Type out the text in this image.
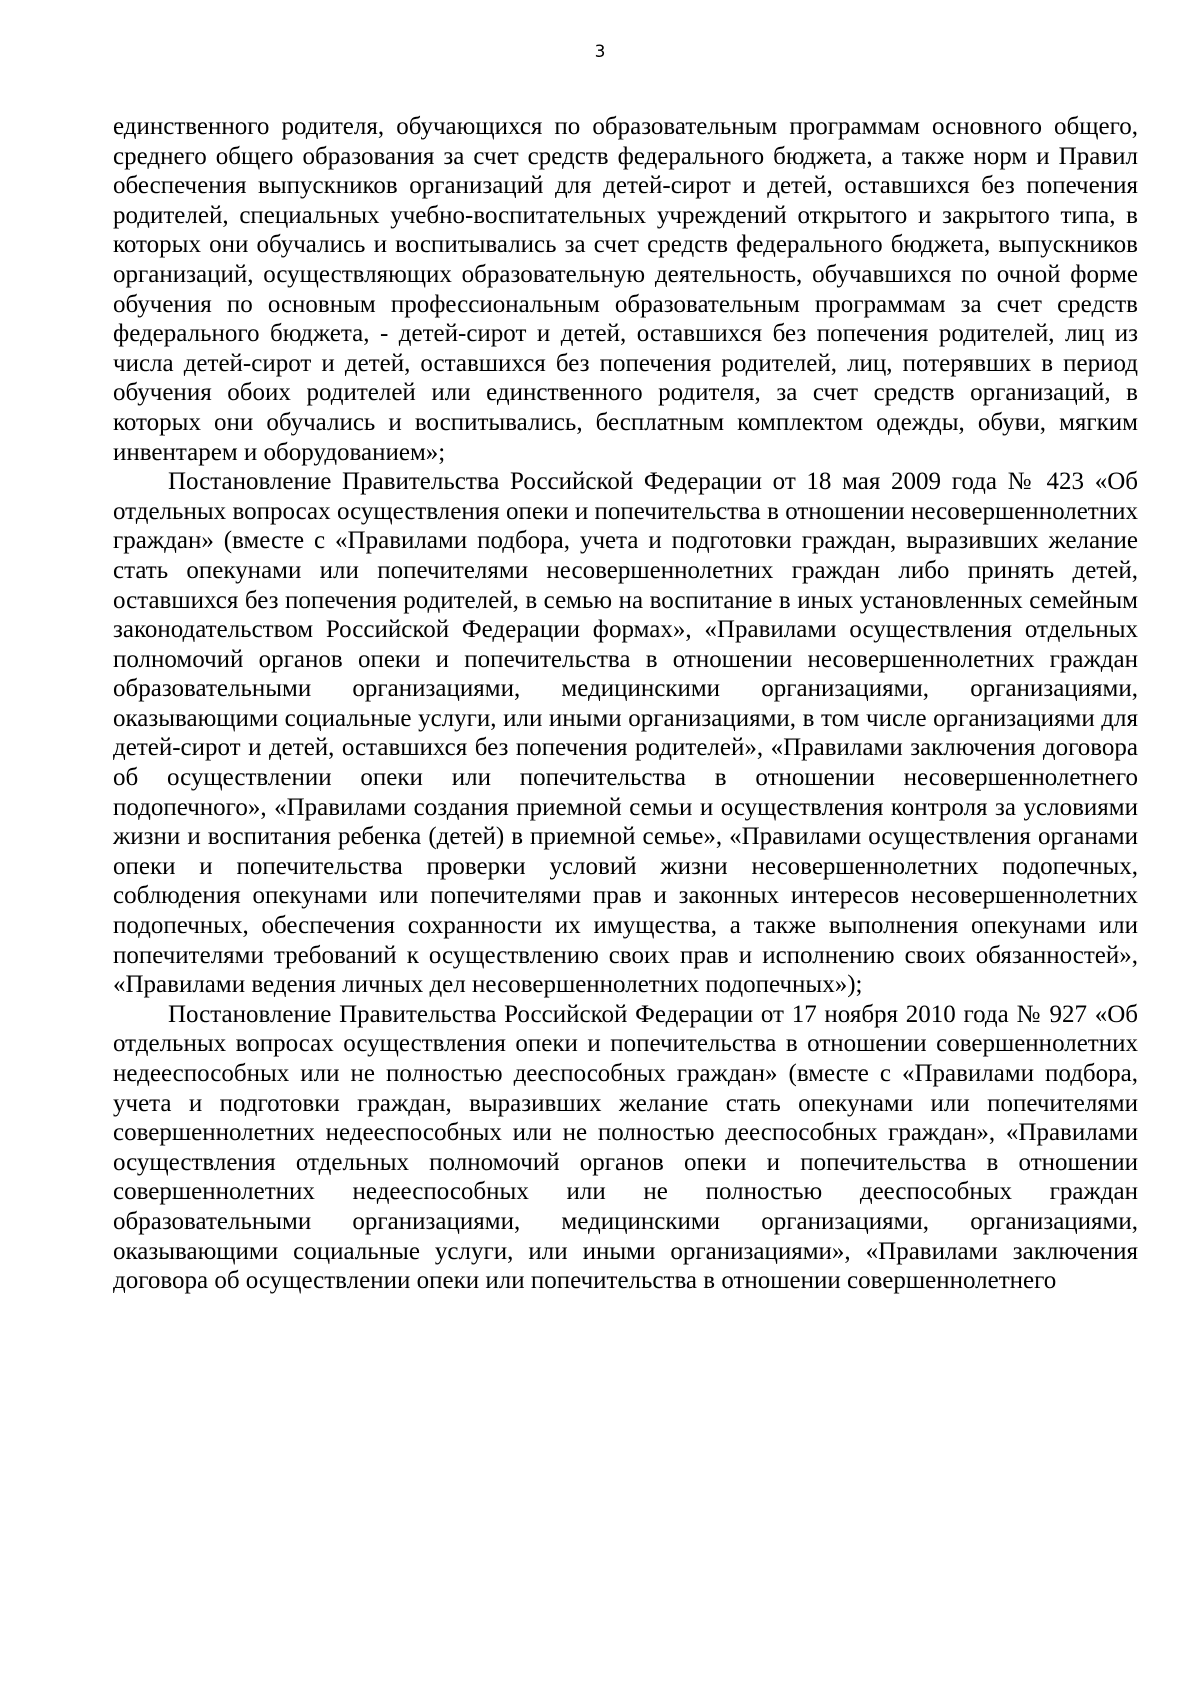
3

единственного родителя, обучающихся по образовательным программам основного общего, среднего общего образования за счет средств федерального бюджета, а также норм и Правил обеспечения выпускников организаций для детей-сирот и детей, оставшихся без попечения родителей, специальных учебно-воспитательных учреждений открытого и закрытого типа, в которых они обучались и воспитывались за счет средств федерального бюджета, выпускников организаций, осуществляющих образовательную деятельность, обучавшихся по очной форме обучения по основным профессиональным образовательным программам за счет средств федерального бюджета, - детей-сирот и детей, оставшихся без попечения родителей, лиц из числа детей-сирот и детей, оставшихся без попечения родителей, лиц, потерявших в период обучения обоих родителей или единственного родителя, за счет средств организаций, в которых они обучались и воспитывались, бесплатным комплектом одежды, обуви, мягким инвентарем и оборудованием»;

Постановление Правительства Российской Федерации от 18 мая 2009 года № 423 «Об отдельных вопросах осуществления опеки и попечительства в отношении несовершеннолетних граждан» (вместе с «Правилами подбора, учета и подготовки граждан, выразивших желание стать опекунами или попечителями несовершеннолетних граждан либо принять детей, оставшихся без попечения родителей, в семью на воспитание в иных установленных семейным законодательством Российской Федерации формах», «Правилами осуществления отдельных полномочий органов опеки и попечительства в отношении несовершеннолетних граждан образовательными организациями, медицинскими организациями, организациями, оказывающими социальные услуги, или иными организациями, в том числе организациями для детей-сирот и детей, оставшихся без попечения родителей», «Правилами заключения договора об осуществлении опеки или попечительства в отношении несовершеннолетнего подопечного», «Правилами создания приемной семьи и осуществления контроля за условиями жизни и воспитания ребенка (детей) в приемной семье», «Правилами осуществления органами опеки и попечительства проверки условий жизни несовершеннолетних подопечных, соблюдения опекунами или попечителями прав и законных интересов несовершеннолетних подопечных, обеспечения сохранности их имущества, а также выполнения опекунами или попечителями требований к осуществлению своих прав и исполнению своих обязанностей», «Правилами ведения личных дел несовершеннолетних подопечных»);

Постановление Правительства Российской Федерации от 17 ноября 2010 года № 927 «Об отдельных вопросах осуществления опеки и попечительства в отношении совершеннолетних недееспособных или не полностью дееспособных граждан» (вместе с «Правилами подбора, учета и подготовки граждан, выразивших желание стать опекунами или попечителями совершеннолетних недееспособных или не полностью дееспособных граждан», «Правилами осуществления отдельных полномочий органов опеки и попечительства в отношении совершеннолетних недееспособных или не полностью дееспособных граждан образовательными организациями, медицинскими организациями, организациями, оказывающими социальные услуги, или иными организациями», «Правилами заключения договора об осуществлении опеки или попечительства в отношении совершеннолетнего
